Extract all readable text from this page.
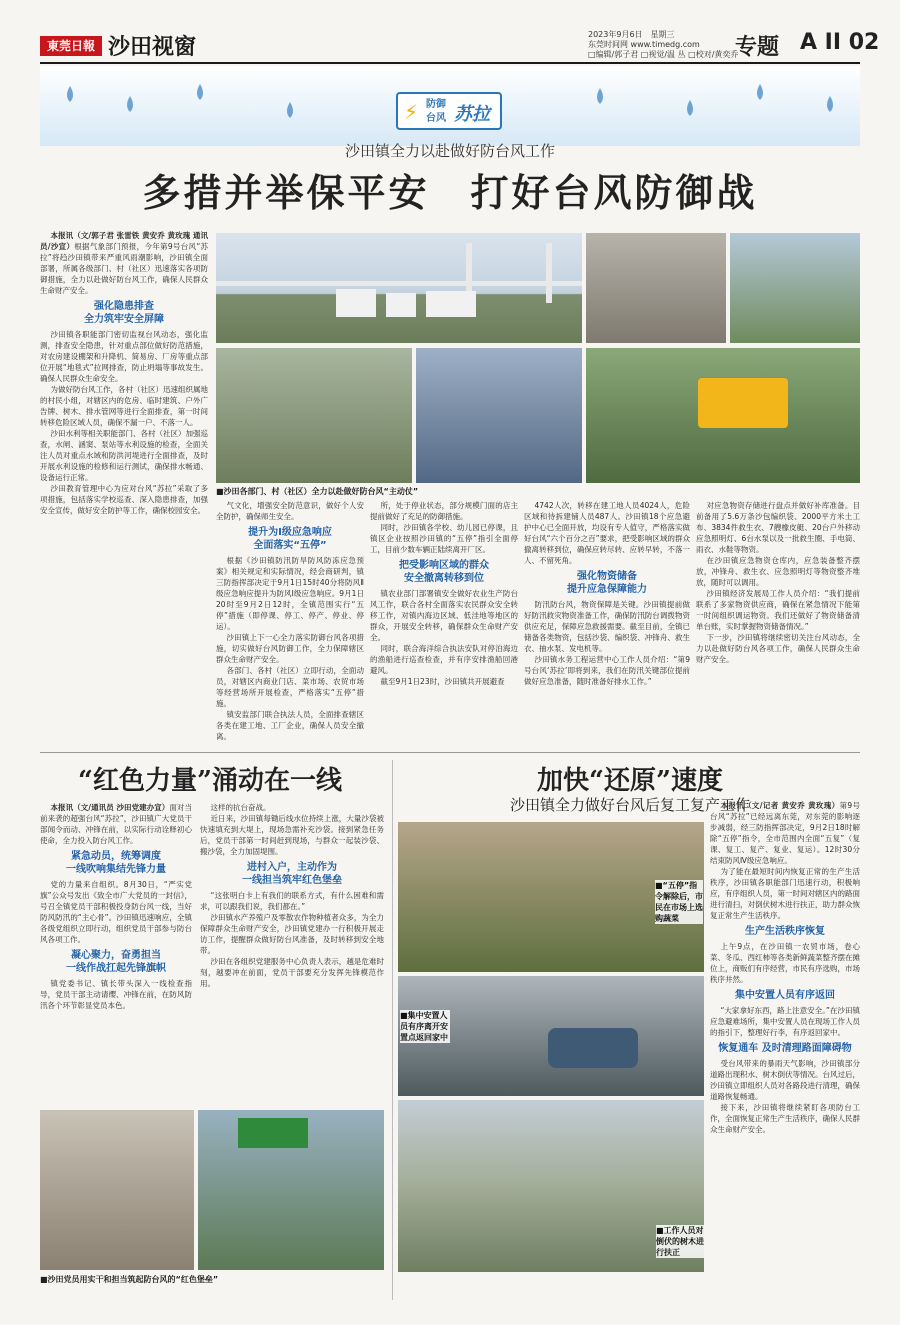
東莞日報 沙田视窗
2023年9月6日　星期三
东莞时间网 www.timedg.com
□编辑/郭子君 □视觉/温 丛 □校对/黄奕乔
专题 A II 02
⚡ 防御
台风 苏拉
沙田镇全力以赴做好防台风工作
多措并举保平安　打好台风防御战

本报讯（文/郭子君 张雷铁 黄安乔 黄玫瑰 通讯员/沙宣）根据气象部门预报，今年第9号台风“苏拉”将趋沙田镇带来严重风雨潮影响，沙田镇全面部署，所属各级部门、村（社区）迅速落实各项防御措施，全力以赴做好防台风工作，确保人民群众生命财产安全。

强化隐患排查
全力筑牢安全屏障

沙田镇各职能部门密切监视台风动态，强化监测，排查安全隐患，针对重点部位做好防范措施，对农房建设棚架和升降机、简易房、厂房等重点部位开展“地毯式”拉网排查，防止坍塌等事故发生。确保人民群众生命安全。

为做好防台风工作，各村（社区）迅速组织属地的村民小组，对辖区内的危房、临时建筑、户外广告牌、树木、排水管网等进行全面排查，第一时间转移危险区域人员，确保不漏一户、不落一人。

沙田水利等相关职能部门、各村（社区）加强巡查，水闸、涵窦、泵站等水利设施的检查，全面关注人员对重点水域和防洪河堤进行全面排查，及时开展水利设施的检修和运行测试，确保排水畅通、设备运行正常。

沙田教育管理中心为应对台风“苏拉”采取了多项措施，包括落实学校巡查、深入隐患排查，加强安全宣传，做好安全防护等工作，确保校园安全。

■沙田各部门、村（社区）全力以赴做好防台风“主动仗”

气文化，增强安全防范意识，做好个人安全防护，确保师生安全。

提升为Ⅰ级应急响应
全面落实“五停”

根据《沙田镇防汛防旱防风防冻应急预案》相关规定和实际情况，经会商研判，镇三防指挥部决定于9月1日15时40分将防风Ⅱ级应急响应提升为防风Ⅰ级应急响应。9月1日20时至9月2日12时，全镇范围实行“五停”措施（即停课、停工、停产、停业、停运）。

沙田镇上下一心全力落实防御台风各项措施，切实做好台风防御工作，全力保障辖区群众生命财产安全。

各部门、各村（社区）立即行动，全面动员，对辖区内商业门店、菜市场、农贸市场等经营场所开展检查，严格落实“五停”措施。

镇安监部门联合执法人员，全面排查辖区各类在建工地、工厂企业，确保人员安全撤离。

所，处于停业状态，部分规模门面的店主提前做好了充足的防御措施。

同时，沙田镇各学校、幼儿园已停课，且镇区企业按照沙田镇的“五停”指引全面停工，目前少数车辆正陆续离开厂区。

把受影响区域的群众
安全撤离转移到位

镇农业部门部署镇安全做好农业生产防台风工作，联合各村全面落实农民群众安全转移工作，对镇内海边区域、低洼地等地区的群众，开展安全转移，确保群众生命财产安全。

同时，联合海洋综合执法安队对停泊海边的渔船进行巡查检查，并有序安排渔船回港避风。

截至9月1日23时，沙田镇共开展避查

4742人次，转移在建工地人员4024人，危险区域和待拆建铺人员487人。沙田镇18个应急避护中心已全面开放，均设有专人值守，严格落实做好台风“六个百分之百”要求，把受影响区域的群众撤离转移到位，确保应转尽转、应转早转，不落一人、不留死角。

强化物资储备
提升应急保障能力

防汛防台风，物资保障是关键。沙田镇提前做好防汛救灾物资准备工作，确保防汛防台调拨物资供应充足，保障应急救援需要。截至目前，全镇已储备各类物资，包括沙袋、编织袋、冲锋舟、救生衣、抽水泵、发电机等。

沙田镇水务工程运营中心工作人员介绍：“第9号台风‘苏拉’即将到来，我们在防汛关键部位提前做好应急准备，随时准备好排水工作。”

对应急物资存储进行盘点并做好补库准备。目前备用了5.6万条沙包编织袋、2000平方米土工布、3834件救生衣、7艘橡皮艇、20台户外移动应急照明灯、6台水泵以及一批救生圈、手电筒、雨衣、水鞋等物资。

在沙田镇应急物资仓库内，应急装备整齐摆放，冲锋舟、救生衣、应急照明灯等物资整齐堆放，随时可以调用。

沙田镇经济发展局工作人员介绍：“我们提前联系了多家物资供应商，确保在紧急情况下能第一时间组织调运物资。我们还做好了物资储备清单台账，实时掌握物资储备情况。”

下一步，沙田镇将继续密切关注台风动态，全力以赴做好防台风各项工作，确保人民群众生命财产安全。

“红色力量”涌动在一线

本报讯（文/通讯员 沙田党建办宣）面对当前来袭的超强台风“苏拉”，沙田镇广大党员干部闻令而动、冲锋在前，以实际行动诠释初心使命，全力投入防台风工作。

紧急动员，统筹调度
一线吹响集结先锋力量

党的力量来自组织。8月30日，“严实党旗”公众号发出《致全市广大党员的一封信》，号召全镇党员干部积极投身防台风一线，当好防风防汛的“主心骨”。沙田镇迅速响应，全镇各级党组织立即行动，组织党员干部参与防台风各项工作。

凝心聚力，奋勇担当
一线作战扛起先锋旗帜

镇党委书记、镇长带头深入一线检查指导，党员干部主动请缨、冲锋在前，在防风防汛各个环节彰显党员本色。

这样的抗台奋战。

近日来，沙田镇每锄后线水位持续上涨，大量沙袋被快速填充到大堤上，现场急需补充沙袋。接到紧急任务后，党员干部第一时间赶到现场，与群众一起装沙袋、搬沙袋，全力加固堤围。

进村入户，主动作为
一线担当筑牢红色堡垒

“这张明白卡上有我们的联系方式，有什么困难和需求，可以跟我们说，我们都在。”

沙田镇水产养殖户及零散农作物种植者众多，为全力保障群众生命财产安全，沙田镇党建办一行积极开展走访工作，提醒群众做好防台风准备，及时转移到安全地带。

沙田在各组织党建服务中心负责人表示，越是危难时刻，越要冲在前面，党员干部要充分发挥先锋模范作用。

■沙田党员用实干和担当筑起防台风的“红色堡垒”
加快“还原”速度
沙田镇全力做好台风后复工复产工作
■“五停”指令解除后，市民在市场上选购蔬菜
■集中安置人员有序离开安置点返回家中
■工作人员对倒伏的树木进行扶正

本报讯（文/记者 黄安乔 黄玫瑰）第9号台风“苏拉”已经远离东莞，对东莞的影响逐步减弱，经三防指挥部决定，9月2日18时解除“五停”指令，全市范围内全面“五复”（复课、复工、复产、复业、复运）。12时30分结束防风Ⅳ级应急响应。

为了能在最短时间内恢复正常的生产生活秩序，沙田镇各职能部门迅速行动，积极响应，有序组织人员，第一时间对辖区内的路面进行清扫，对倒伏树木进行扶正，助力群众恢复正常生产生活秩序。

生产生活秩序恢复

上午9点，在沙田镇一农贸市场，卷心菜、冬瓜、西红柿等各类新鲜蔬菜整齐摆在摊位上，商贩们有序经营，市民有序选购，市场秩序井然。

集中安置人员有序返回

“大家拿好东西，路上注意安全。”在沙田镇应急避难场所，集中安置人员在现场工作人员的指引下，整理好行李，有序返回家中。

恢复通车 及时清理路面障碍物

受台风带来的暴雨天气影响，沙田镇部分道路出现积水、树木倒伏等情况。台风过后，沙田镇立即组织人员对各路段进行清理，确保道路恢复畅通。

接下来，沙田镇将继续紧盯各项防台工作，全面恢复正常生产生活秩序，确保人民群众生命财产安全。
